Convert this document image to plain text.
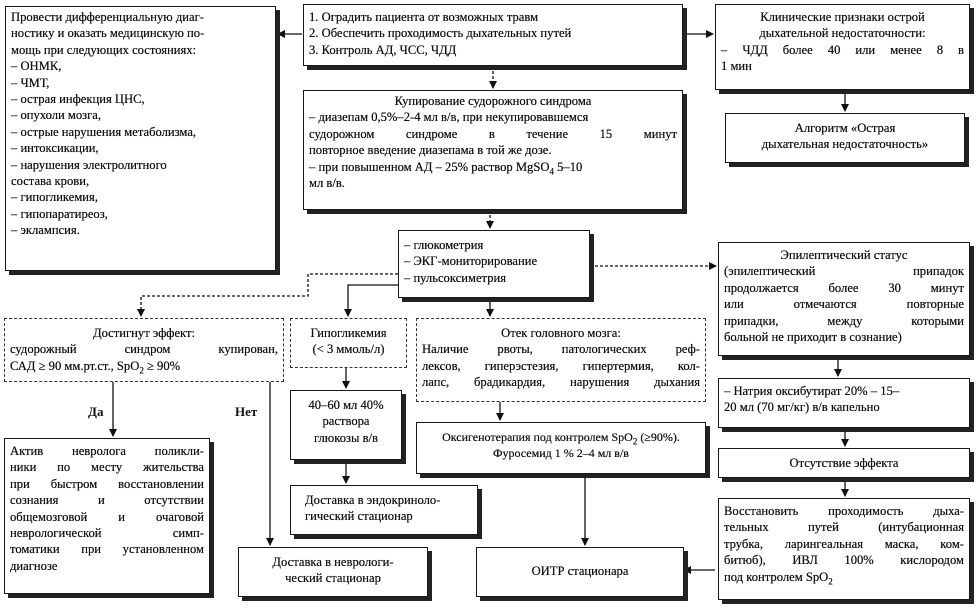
Провести дифференциальную диаг-
ностику и оказать медицинскую по-
мощь при следующих состояниях:
– ОНМК,
– ЧМТ,
– острая инфекция ЦНС,
– опухоли мозга,
– острые нарушения метаболизма,
– интоксикации,
– нарушения электролитного
состава крови,
– гипогликемия,
– гипопаратиреоз,
– эклампсия.
1. Оградить пациента от возможных травм
2. Обеспечить проходимость дыхательных путей
3. Контроль АД, ЧСС, ЧДД
Клинические признаки острой
дыхательной недостаточности:
– ЧДД более 40 или менее 8 в
1 мин
Алгоритм «Острая
дыхательная недостаточность»
Купирование судорожного синдрома
– диазепам 0,5%–2-4 мл в/в, при некупировавшемся
судорожном синдроме в течение 15 минут
повторное введение диазепама в той же дозе.
– при повышенном АД – 25% раствор MgSO$_4$ 5–10
мл в/в.
– глюкометрия
– ЭКГ-мониторирование
– пульсоксиметрия
Эпилептический статус
(эпилептический припадок
продолжается более 30 минут
или отмечаются повторные
припадки, между которыми
больной не приходит в сознание)
Достигнут эффект:
судорожный синдром купирован,
САД ≥ 90 мм.рт.ст., SpO$_2$ ≥ 90%
Гипогликемия
(< 3 ммоль/л)
40–60 мл 40%
раствора
глюкозы в/в
Доставка в эндокриноло-
гический стационар
Отек головного мозга:
Наличие рвоты, патологических реф-
лексов, гиперэстезия, гипертермия, кол-
лапс, брадикардия, нарушения дыхания
Оксигенотерапия под контролем SpO$_2$ (≥90%).
Фуросемид 1 % 2–4 мл в/в
– Натрия оксибутират 20% – 15–
20 мл (70 мг/кг) в/в капельно
Отсутствие эффекта
Восстановить проходимость дыха-
тельных путей (интубационная
трубка, ларингеальная маска, ком-
битюб), ИВЛ 100% кислородом
под контролем SpO$_2$
Актив невролога поликли-
ники по месту жительства
при быстром восстановлении
сознания и отсутствии
общемозговой и очаговой
неврологической симп-
томатики при установленном
диагнозе	Доставка в неврологи-
ческий стационар
ОИТР стационара
Да	Нет
